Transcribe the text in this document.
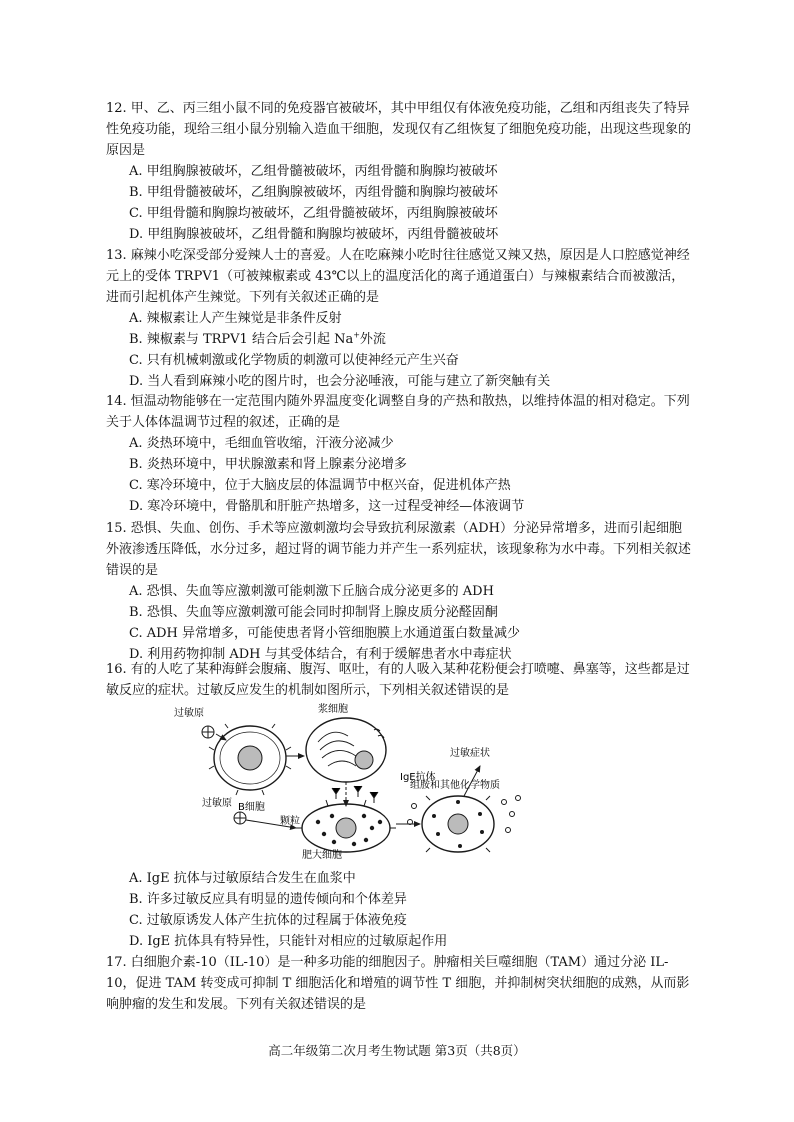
12. 甲、乙、丙三组小鼠不同的免疫器官被破坏，其中甲组仅有体液免疫功能，乙组和丙组丧失了特异性免疫功能，现给三组小鼠分别输入造血干细胞，发现仅有乙组恢复了细胞免疫功能，出现这些现象的原因是

A. 甲组胸腺被破坏，乙组骨髓被破坏，丙组骨髓和胸腺均被破坏

B. 甲组骨髓被破坏，乙组胸腺被破坏，丙组骨髓和胸腺均被破坏

C. 甲组骨髓和胸腺均被破坏，乙组骨髓被破坏，丙组胸腺被破坏

D. 甲组胸腺被破坏，乙组骨髓和胸腺均被破坏，丙组骨髓被破坏

13. 麻辣小吃深受部分爱辣人士的喜爱。人在吃麻辣小吃时往往感觉又辣又热，原因是人口腔感觉神经元上的受体 TRPV1（可被辣椒素或 43℃以上的温度活化的离子通道蛋白）与辣椒素结合而被激活，进而引起机体产生辣觉。下列有关叙述正确的是

A. 辣椒素让人产生辣觉是非条件反射

B. 辣椒素与 TRPV1 结合后会引起 Na+外流

C. 只有机械刺激或化学物质的刺激可以使神经元产生兴奋

D. 当人看到麻辣小吃的图片时，也会分泌唾液，可能与建立了新突触有关

14. 恒温动物能够在一定范围内随外界温度变化调整自身的产热和散热，以维持体温的相对稳定。下列关于人体体温调节过程的叙述，正确的是

A. 炎热环境中，毛细血管收缩，汗液分泌减少

B. 炎热环境中，甲状腺激素和肾上腺素分泌增多

C. 寒冷环境中，位于大脑皮层的体温调节中枢兴奋，促进机体产热

D. 寒冷环境中，骨骼肌和肝脏产热增多，这一过程受神经—体液调节

15. 恐惧、失血、创伤、手术等应激刺激均会导致抗利尿激素（ADH）分泌异常增多，进而引起细胞外液渗透压降低，水分过多，超过肾的调节能力并产生一系列症状，该现象称为水中毒。下列相关叙述错误的是

A. 恐惧、失血等应激刺激可能刺激下丘脑合成分泌更多的 ADH

B. 恐惧、失血等应激刺激可能会同时抑制肾上腺皮质分泌醛固酮

C. ADH 异常增多，可能使患者肾小管细胞膜上水通道蛋白数量减少

D. 利用药物抑制 ADH 与其受体结合，有利于缓解患者水中毒症状

16. 有的人吃了某种海鲜会腹痛、腹泻、呕吐，有的人吸入某种花粉便会打喷嚏、鼻塞等，这些都是过敏反应的症状。过敏反应发生的机制如图所示，下列相关叙述错误的是

过敏原	浆细胞
B细胞
IgE抗体
过敏症状
组胺和其他化学物质
颗粒
过敏原
肥大细胞

A. IgE 抗体与过敏原结合发生在血浆中

B. 许多过敏反应具有明显的遗传倾向和个体差异

C. 过敏原诱发人体产生抗体的过程属于体液免疫

D. IgE 抗体具有特异性，只能针对相应的过敏原起作用

17. 白细胞介素-10（IL-10）是一种多功能的细胞因子。肿瘤相关巨噬细胞（TAM）通过分泌 IL-10，促进 TAM 转变成可抑制 T 细胞活化和增殖的调节性 T 细胞，并抑制树突状细胞的成熟，从而影响肿瘤的发生和发展。下列有关叙述错误的是

高二年级第二次月考生物试题 第3页（共8页）
